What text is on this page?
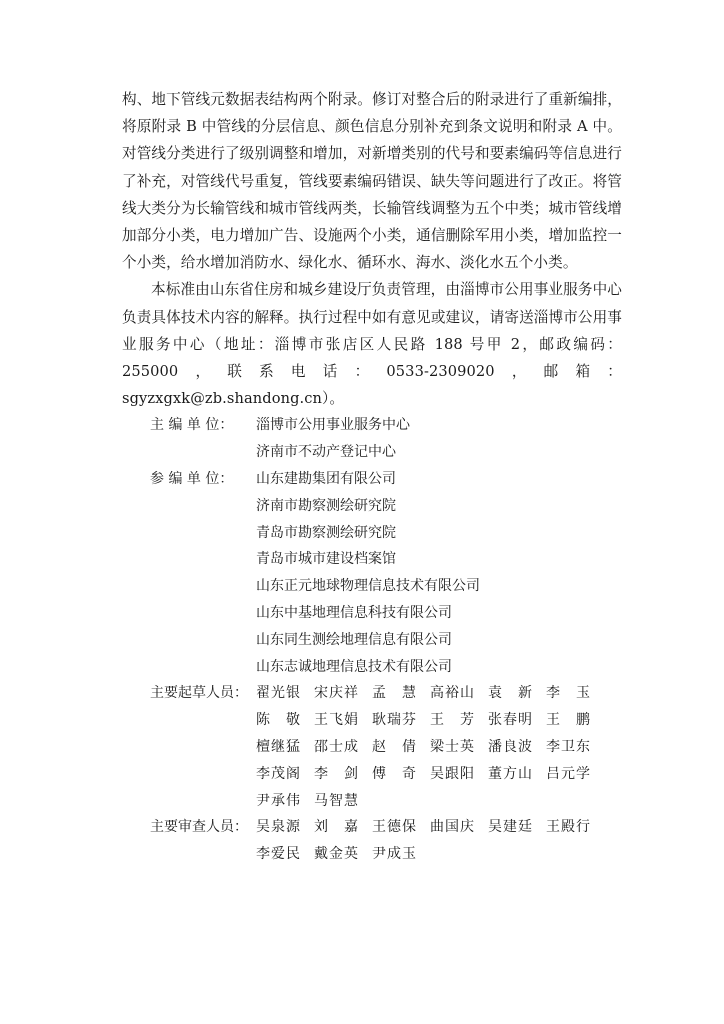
构、地下管线元数据表结构两个附录。修订对整合后的附录进行了重新编排，将原附录 B 中管线的分层信息、颜色信息分别补充到条文说明和附录 A 中。对管线分类进行了级别调整和增加，对新增类别的代号和要素编码等信息进行了补充，对管线代号重复，管线要素编码错误、缺失等问题进行了改正。将管线大类分为长输管线和城市管线两类，长输管线调整为五个中类；城市管线增加部分小类，电力增加广告、设施两个小类，通信删除军用小类，增加监控一个小类，给水增加消防水、绿化水、循环水、海水、淡化水五个小类。

本标准由山东省住房和城乡建设厅负责管理，由淄博市公用事业服务中心负责具体技术内容的解释。执行过程中如有意见或建议，请寄送淄博市公用事业服务中心（地址：淄博市张店区人民路 188 号甲 2，邮政编码：255000，联系电话：0533-2309020，邮箱：sgyzxgxk@zb.shandong.cn）。

主 编 单 位：	淄博市公用事业服务中心
济南市不动产登记中心
参 编 单 位：	山东建勘集团有限公司
济南市勘察测绘研究院
青岛市勘察测绘研究院
青岛市城市建设档案馆
山东正元地球物理信息技术有限公司
山东中基地理信息科技有限公司
山东同生测绘地理信息有限公司
山东志诚地理信息技术有限公司
主要起草人员： 翟光银 宋庆祥 孟　慧 高裕山 袁　新 李　玉
陈　敬 王飞娟 耿瑞芬 王　芳 张春明 王　鹏
檀继猛 邵士成 赵　倩 梁士英 潘良波 李卫东
李茂阁 李　剑 傅　奇 吴跟阳 董方山 吕元学
尹承伟 马智慧
主要审查人员： 吴泉源 刘　嘉 王德保 曲国庆 吴建廷 王殿行
李爱民 戴金英 尹成玉
